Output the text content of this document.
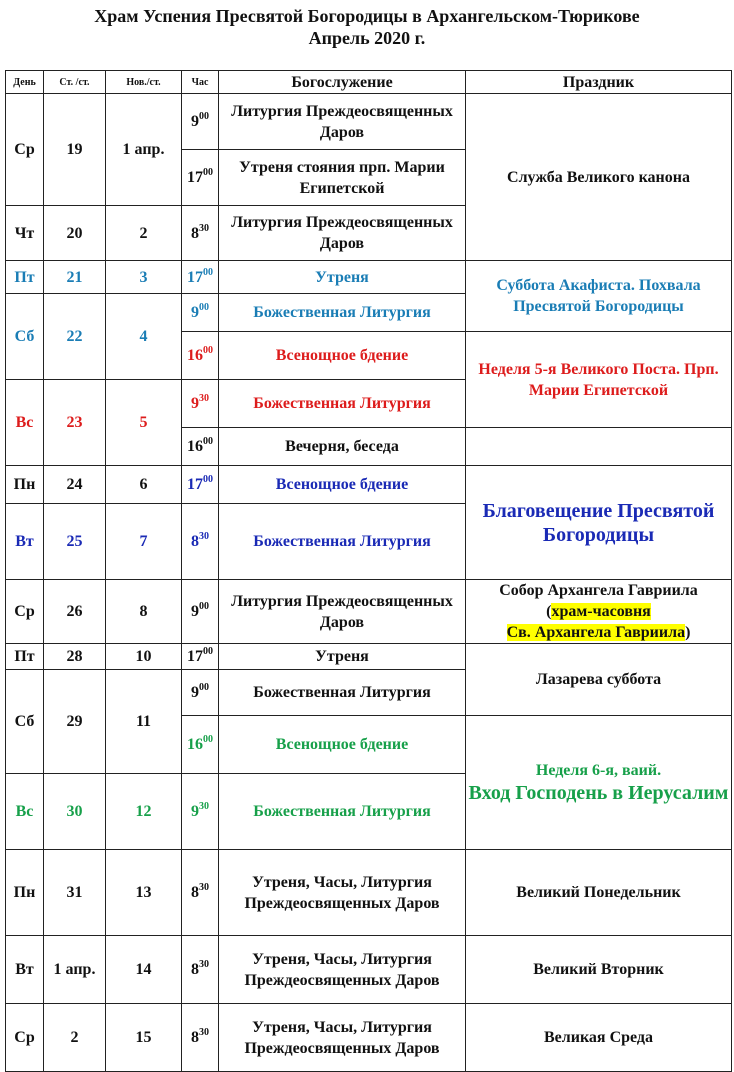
Храм Успения Пресвятой Богородицы в Архангельском-Тюрикове
Апрель 2020 г.
День	Ст. /ст.	Нов./ст.	Час	Богослужение	Праздник
Ср	19	1 апр.	$9^{00}$	Литургия Преждеосвященных Даров	Служба Великого канона
			$17^{00}$	Утреня стояния прп. Марии Египетской	
Чт	20	2	$8^{30}$	Литургия Преждеосвященных Даров	
Пт	21	3	$17^{00}$	Утреня	Суббота Акафиста. Похвала Пресвятой Богородицы
Сб	22	4	$9^{00}$	Божественная Литургия	
			$16^{00}$	Всенощное бдение	Неделя 5-я Великого Поста. Прп. Марии Египетской
Вс	23	5	$9^{30}$	Божественная Литургия	
			$16^{00}$	Вечерня, беседа	
Пн	24	6	$17^{00}$	Всенощное бдение	Благовещение Пресвятой Богородицы
Вт	25	7	$8^{30}$	Божественная Литургия	
Ср	26	8	$9^{00}$	Литургия Преждеосвященных Даров	Собор Архангела Гавриила
(храм-часовня
Св. Архангела Гавриила)
Пт	28	10	$17^{00}$	Утреня	Лазарева суббота
Сб	29	11	$9^{00}$	Божественная Литургия	
			$16^{00}$	Всенощное бдение	Неделя 6-я, ваий.
Вход Господень в Иерусалим
Вс	30	12	$9^{30}$	Божественная Литургия	
Пн	31	13	$8^{30}$	Утреня, Часы, Литургия Преждеосвященных Даров	Великий Понедельник
Вт	1 апр.	14	$8^{30}$	Утреня, Часы, Литургия Преждеосвященных Даров	Великий Вторник
Ср	2	15	$8^{30}$	Утреня, Часы, Литургия Преждеосвященных Даров	Великая Среда
